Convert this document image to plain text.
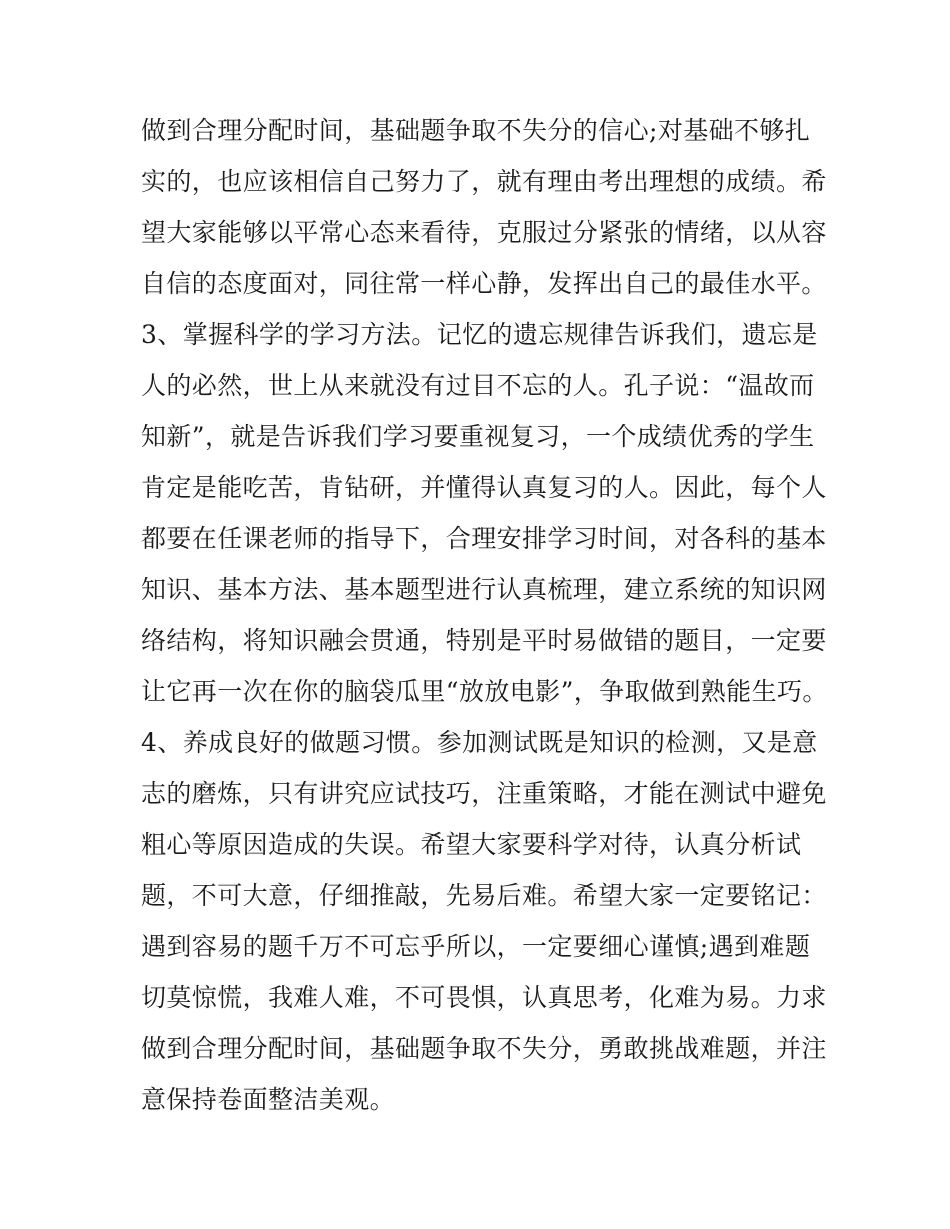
做到合理分配时间，基础题争取不失分的信心;对基础不够扎
实的，也应该相信自己努力了，就有理由考出理想的成绩。希
望大家能够以平常心态来看待，克服过分紧张的情绪，以从容
自信的态度面对，同往常一样心静，发挥出自己的最佳水平。
3、掌握科学的学习方法。记忆的遗忘规律告诉我们，遗忘是
人的必然，世上从来就没有过目不忘的人。孔子说：“温故而
知新”，就是告诉我们学习要重视复习，一个成绩优秀的学生
肯定是能吃苦，肯钻研，并懂得认真复习的人。因此，每个人
都要在任课老师的指导下，合理安排学习时间，对各科的基本
知识、基本方法、基本题型进行认真梳理，建立系统的知识网
络结构，将知识融会贯通，特别是平时易做错的题目，一定要
让它再一次在你的脑袋瓜里“放放电影”，争取做到熟能生巧。
4、养成良好的做题习惯。参加测试既是知识的检测，又是意
志的磨炼，只有讲究应试技巧，注重策略，才能在测试中避免
粗心等原因造成的失误。希望大家要科学对待，认真分析试
题，不可大意，仔细推敲，先易后难。希望大家一定要铭记：
遇到容易的题千万不可忘乎所以，一定要细心谨慎;遇到难题
切莫惊慌，我难人难，不可畏惧，认真思考，化难为易。力求
做到合理分配时间，基础题争取不失分，勇敢挑战难题，并注
意保持卷面整洁美观。
